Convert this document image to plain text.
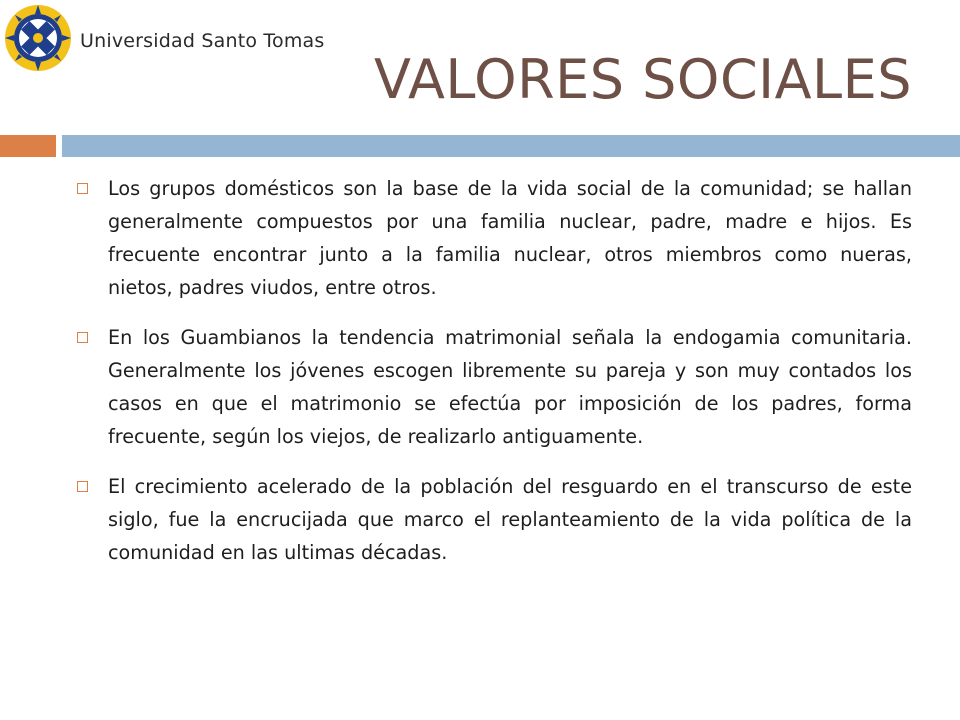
Universidad Santo Tomas
VALORES SOCIALES
Los grupos domésticos son la base de la vida social de la comunidad; se hallan generalmente compuestos por una familia nuclear, padre, madre e hijos. Es frecuente encontrar junto a la familia nuclear, otros miembros como nueras, nietos, padres viudos, entre otros.
En los Guambianos la tendencia matrimonial señala la endogamia comunitaria. Generalmente los jóvenes escogen libremente su pareja y son muy contados los casos en que el matrimonio se efectúa por imposición de los padres, forma frecuente, según los viejos, de realizarlo antiguamente.
El crecimiento acelerado de la población del resguardo en el transcurso de este siglo, fue la encrucijada que marco el replanteamiento de la vida política de la comunidad en las ultimas décadas.
